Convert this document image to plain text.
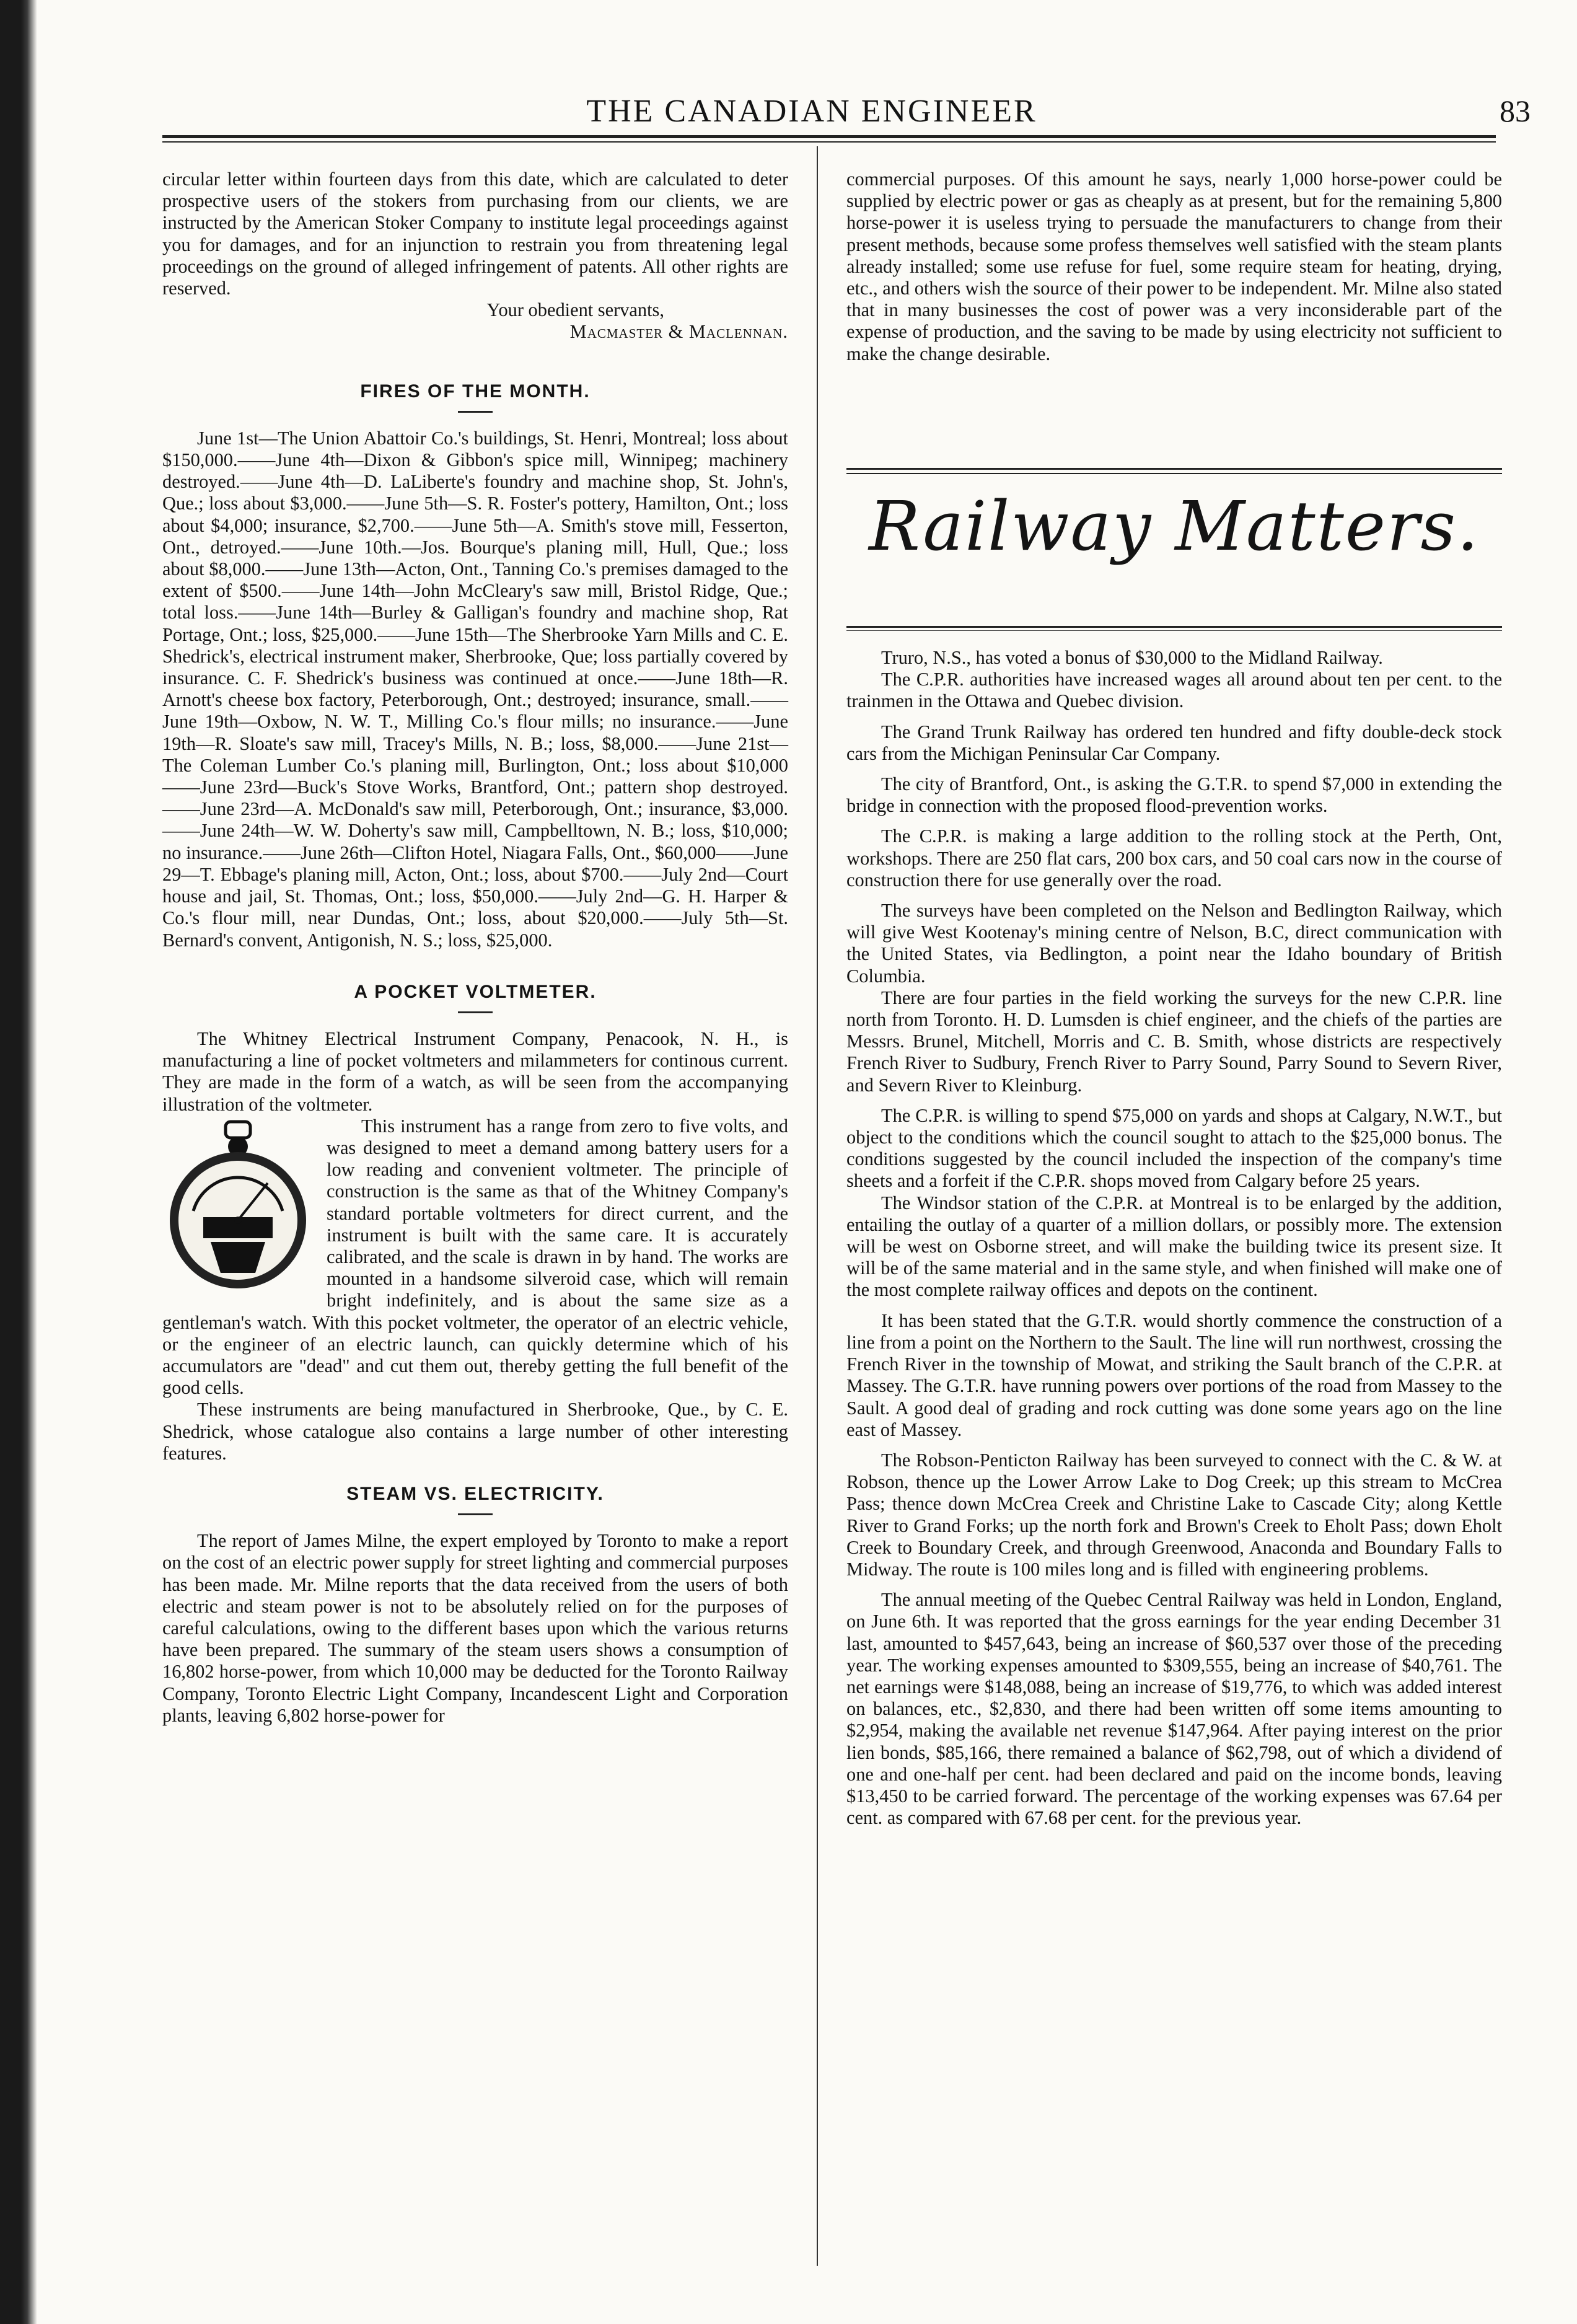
THE CANADIAN ENGINEER	83

circular letter within fourteen days from this date, which are calculated to deter prospective users of the stokers from purchasing from our clients, we are instructed by the American Stoker Company to institute legal proceedings against you for damages, and for an injunction to restrain you from threatening legal proceedings on the ground of alleged infringement of patents. All other rights are reserved.

Your obedient servants,

Macmaster & Maclennan.

FIRES OF THE MONTH.

June 1st—The Union Abattoir Co.'s buildings, St. Henri, Montreal; loss about $150,000.——June 4th—Dixon & Gibbon's spice mill, Winnipeg; machinery destroyed.——June 4th—D. LaLiberte's foundry and machine shop, St. John's, Que.; loss about $3,000.——June 5th—S. R. Foster's pottery, Hamilton, Ont.; loss about $4,000; insurance, $2,700.——June 5th—A. Smith's stove mill, Fesserton, Ont., detroyed.——June 10th.—Jos. Bourque's planing mill, Hull, Que.; loss about $8,000.——June 13th—Acton, Ont., Tanning Co.'s premises damaged to the extent of $500.——June 14th—John McCleary's saw mill, Bristol Ridge, Que.; total loss.——June 14th—Burley & Galligan's foundry and machine shop, Rat Portage, Ont.; loss, $25,000.——June 15th—The Sherbrooke Yarn Mills and C. E. Shedrick's, electrical instrument maker, Sherbrooke, Que; loss partially covered by insurance. C. F. Shedrick's business was continued at once.——June 18th—R. Arnott's cheese box factory, Peterborough, Ont.; destroyed; insurance, small.——June 19th—Oxbow, N. W. T., Milling Co.'s flour mills; no insurance.——June 19th—R. Sloate's saw mill, Tracey's Mills, N. B.; loss, $8,000.——June 21st—The Coleman Lumber Co.'s planing mill, Burlington, Ont.; loss about $10,000——June 23rd—Buck's Stove Works, Brantford, Ont.; pattern shop destroyed.——June 23rd—A. McDonald's saw mill, Peterborough, Ont.; insurance, $3,000.——June 24th—W. W. Doherty's saw mill, Campbelltown, N. B.; loss, $10,000; no insurance.——June 26th—Clifton Hotel, Niagara Falls, Ont., $60,000——June 29—T. Ebbage's planing mill, Acton, Ont.; loss, about $700.——July 2nd—Court house and jail, St. Thomas, Ont.; loss, $50,000.——July 2nd—G. H. Harper & Co.'s flour mill, near Dundas, Ont.; loss, about $20,000.——July 5th—St. Bernard's convent, Antigonish, N. S.; loss, $25,000.

A POCKET VOLTMETER.

The Whitney Electrical Instrument Company, Penacook, N. H., is manufacturing a line of pocket voltmeters and milammeters for continous current. They are made in the form of a watch, as will be seen from the accompanying illustration of the voltmeter.

This instrument has a range from zero to five volts, and was designed to meet a demand among battery users for a low reading and convenient voltmeter. The principle of construction is the same as that of the Whitney Company's standard portable voltmeters for direct current, and the instrument is built with the same care. It is accurately calibrated, and the scale is drawn in by hand. The works are mounted in a handsome silveroid case, which will remain bright indefinitely, and is about the same size as a gentleman's watch. With this pocket voltmeter, the operator of an electric vehicle, or the engineer of an electric launch, can quickly determine which of his accumulators are "dead" and cut them out, thereby getting the full benefit of the good cells.

These instruments are being manufactured in Sherbrooke, Que., by C. E. Shedrick, whose catalogue also contains a large number of other interesting features.

STEAM VS. ELECTRICITY.

The report of James Milne, the expert employed by Toronto to make a report on the cost of an electric power supply for street lighting and commercial purposes has been made. Mr. Milne reports that the data received from the users of both electric and steam power is not to be absolutely relied on for the purposes of careful calculations, owing to the different bases upon which the various returns have been prepared. The summary of the steam users shows a consumption of 16,802 horse-power, from which 10,000 may be deducted for the Toronto Railway Company, Toronto Electric Light Company, Incandescent Light and Corporation plants, leaving 6,802 horse-power for

commercial purposes. Of this amount he says, nearly 1,000 horse-power could be supplied by electric power or gas as cheaply as at present, but for the remaining 5,800 horse-power it is useless trying to persuade the manufacturers to change from their present methods, because some profess themselves well satisfied with the steam plants already installed; some use refuse for fuel, some require steam for heating, drying, etc., and others wish the source of their power to be independent. Mr. Milne also stated that in many businesses the cost of power was a very inconsiderable part of the expense of production, and the saving to be made by using electricity not sufficient to make the change desirable.

Railway Matters.

Truro, N.S., has voted a bonus of $30,000 to the Midland Railway.

The C.P.R. authorities have increased wages all around about ten per cent. to the trainmen in the Ottawa and Quebec division.

The Grand Trunk Railway has ordered ten hundred and fifty double-deck stock cars from the Michigan Peninsular Car Company.

The city of Brantford, Ont., is asking the G.T.R. to spend $7,000 in extending the bridge in connection with the proposed flood-prevention works.

The C.P.R. is making a large addition to the rolling stock at the Perth, Ont, workshops. There are 250 flat cars, 200 box cars, and 50 coal cars now in the course of construction there for use generally over the road.

The surveys have been completed on the Nelson and Bedlington Railway, which will give West Kootenay's mining centre of Nelson, B.C, direct communication with the United States, via Bedlington, a point near the Idaho boundary of British Columbia.

There are four parties in the field working the surveys for the new C.P.R. line north from Toronto. H. D. Lumsden is chief engineer, and the chiefs of the parties are Messrs. Brunel, Mitchell, Morris and C. B. Smith, whose districts are respectively French River to Sudbury, French River to Parry Sound, Parry Sound to Severn River, and Severn River to Kleinburg.

The C.P.R. is willing to spend $75,000 on yards and shops at Calgary, N.W.T., but object to the conditions which the council sought to attach to the $25,000 bonus. The conditions suggested by the council included the inspection of the company's time sheets and a forfeit if the C.P.R. shops moved from Calgary before 25 years.

The Windsor station of the C.P.R. at Montreal is to be enlarged by the addition, entailing the outlay of a quarter of a million dollars, or possibly more. The extension will be west on Osborne street, and will make the building twice its present size. It will be of the same material and in the same style, and when finished will make one of the most complete railway offices and depots on the continent.

It has been stated that the G.T.R. would shortly commence the construction of a line from a point on the Northern to the Sault. The line will run northwest, crossing the French River in the township of Mowat, and striking the Sault branch of the C.P.R. at Massey. The G.T.R. have running powers over portions of the road from Massey to the Sault. A good deal of grading and rock cutting was done some years ago on the line east of Massey.

The Robson-Penticton Railway has been surveyed to connect with the C. & W. at Robson, thence up the Lower Arrow Lake to Dog Creek; up this stream to McCrea Pass; thence down McCrea Creek and Christine Lake to Cascade City; along Kettle River to Grand Forks; up the north fork and Brown's Creek to Eholt Pass; down Eholt Creek to Boundary Creek, and through Greenwood, Anaconda and Boundary Falls to Midway. The route is 100 miles long and is filled with engineering problems.

The annual meeting of the Quebec Central Railway was held in London, England, on June 6th. It was reported that the gross earnings for the year ending December 31 last, amounted to $457,643, being an increase of $60,537 over those of the preceding year. The working expenses amounted to $309,555, being an increase of $40,761. The net earnings were $148,088, being an increase of $19,776, to which was added interest on balances, etc., $2,830, and there had been written off some items amounting to $2,954, making the available net revenue $147,964. After paying interest on the prior lien bonds, $85,166, there remained a balance of $62,798, out of which a dividend of one and one-half per cent. had been declared and paid on the income bonds, leaving $13,450 to be carried forward. The percentage of the working expenses was 67.64 per cent. as compared with 67.68 per cent. for the previous year.
